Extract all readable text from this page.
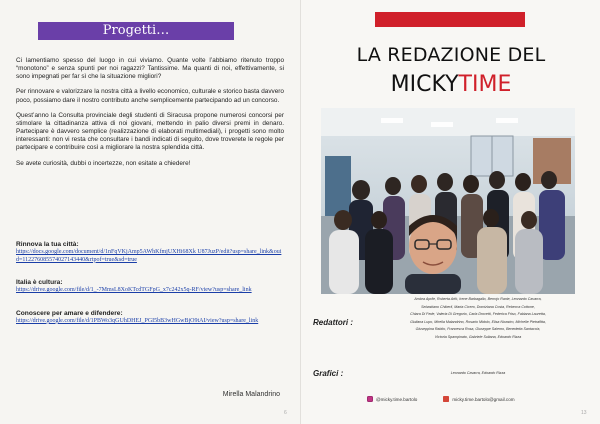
Progetti…

Ci lamentiamo spesso del luogo in cui viviamo. Quante volte l’abbiamo ritenuto troppo “monotono” e senza spunti per noi ragazzi? Tantissime. Ma quanti di noi, effettivamente, si sono impegnati per far sì che la situazione migliori?

Per rinnovare e valorizzare la nostra città a livello economico, culturale e storico basta davvero poco, possiamo dare il nostro contributo anche semplicemente partecipando ad un concorso.

Quest’anno la Consulta provinciale degli studenti di Siracusa propone numerosi concorsi per stimolare la cittadinanza attiva di noi giovani, mettendo in palio diversi premi in denaro. Partecipare è davvero semplice (realizzazione di elaborati multimediali), i progetti sono molto interessanti: non vi resta che consultare i bandi indicati di seguito, dove troverete le regole per partecipare e contribuire così a migliorare la nostra splendida città.

Se avete curiosità, dubbi o incertezze, non esitate a chiedere!

Rinnova la tua città:
https://docs.google.com/document/d/1nFqVKjAmp5AWhKfmjUXHi68Xk U87JuzP/edit?usp=share_link&ouid=112276085574027143440&rtpof=true&sd=true
Italia è cultura:
https://drive.google.com/file/d/1_-7MmsL8XoKTcdTGFpG_x7c242x5q-RF/view?usp=share_link
Conoscere per amare e difendere:
https://drive.google.com/file/d/1PBWo3qGUhDHEJ_PGI5bB3wHGwBjO9tAI/view?usp=share_link
Mirella Malandrino
6
LA REDAZIONE DEL
MICKYTIME
Redattori :
Ambra Aprile, Roberta Arfò, Irene Barbagallo, Berrojo Ranie, Leonardo Cavarra,
Sebastiano Chiberli, Marta Cicero, Domiziana Costa, Rebecca Cottone,
Chiara Di Fede, Valeria Di Gregorio, Carla Drovetti, Federica Friso, Fabiana Lauretta,
Giuliana Lupo, Mirella Malandrino, Rosario Midolo, Elisa Nicastro, Michelle Pietrafitta,
Giuseppina Rabito, Francesca Rosa, Giuseppe Salerno, Benedetta Santaccia,
Victoria Spampinato, Gabriele Sultana, Edoardo Rizza
Grafici :	Leonardo Cavarra, Edoardo Rizza
@micky.time.bartolo	micky.time.bartolo@gmail.com
13
